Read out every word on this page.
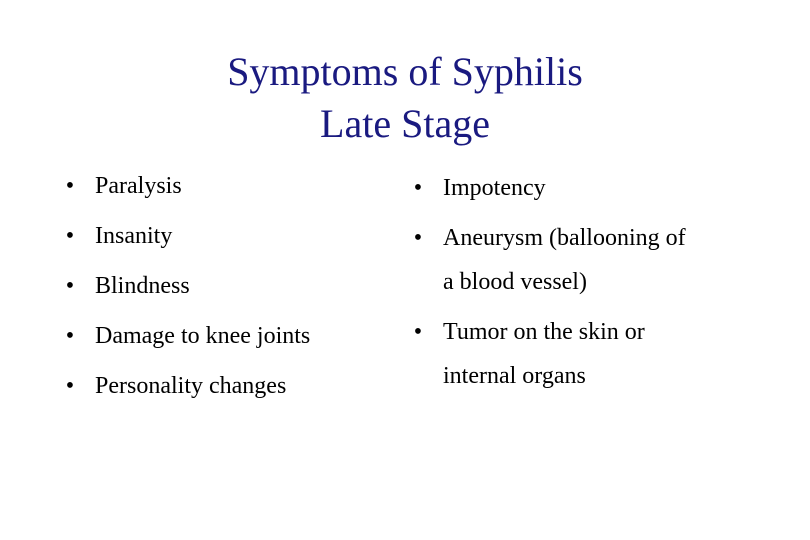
Symptoms of Syphilis
Late Stage
• Paralysis
• Insanity
• Blindness
• Damage to knee joints
• Personality changes
• Impotency
• Aneurysm (ballooning of
a blood vessel)
• Tumor on the skin or
internal organs
